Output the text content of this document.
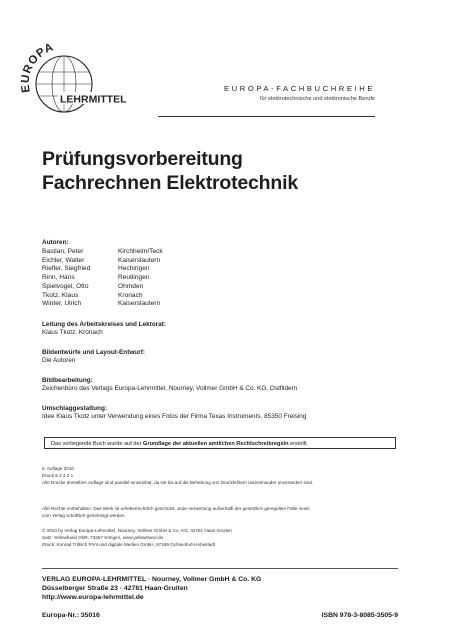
EUROPA
LEHRMITTEL
EUROPA-FACHBUCHREIHE
für elektrotechnische und elektronische Berufe
Prüfungsvorbereitung
Fachrechnen Elektrotechnik
Autoren:
Bastian, Peter	Kirchheim/Teck
Eichler, Walter	Kaiserslautern
Riefler, Siegfried	Hechingen
Rinn, Hans	Reutlingen
Spielvogel, Otto	Ohmden
Tkotz, Klaus	Kronach
Winter, Ulrich	Kaiserslautern
Leitung des Arbeitskreises und Lektorat:
Klaus Tkotz, Kronach
Bildentwürfe und Layout-Entwurf:
Die Autoren
Bildbearbeitung:
Zeichenbüro des Verlags Europa-Lehrmittel, Nourney, Vollmer GmbH & Co. KG, Ostfildern
Umschlaggestaltung:
Idee Klaus Tkotz unter Verwendung eines Fotos der Firma Texas Instruments, 85350 Freising
Das vorliegende Buch wurde auf der Grundlage der aktuellen amtlichen Rechtschreibregeln erstellt.
5. Auflage 2010
Druck 5 4 3 2 1
Alle Drucke derselben Auflage sind parallel einsetzbar, da sie bis auf die Behebung von Druckfehlern untereinander unverändert sind.
Alle Rechte vorbehalten. Das Werk ist urheberrechtlich geschützt. Jede Verwertung außerhalb der gesetzlich geregelten Fälle muss
vom Verlag schriftlich genehmigt werden.
© 2010 by Verlag Europa-Lehrmittel, Nourney, Vollmer GmbH & Co. KG, 42781 Haan-Gruiten
Satz: Yellowhand GbR, 73257 Köngen, www.yellowhand.de
Druck: Konrad Triltsch Print und digitale Medien GmbH, 97199 Ochsenfurt-Hohestadt
VERLAG EUROPA-LEHRMITTEL · Nourney, Vollmer GmbH & Co. KG
Düsselberger Straße 23 · 42781 Haan-Gruiten
http://www.europa-lehrmittel.de
Europa-Nr.: 35016	ISBN 978-3-8085-3505-9
